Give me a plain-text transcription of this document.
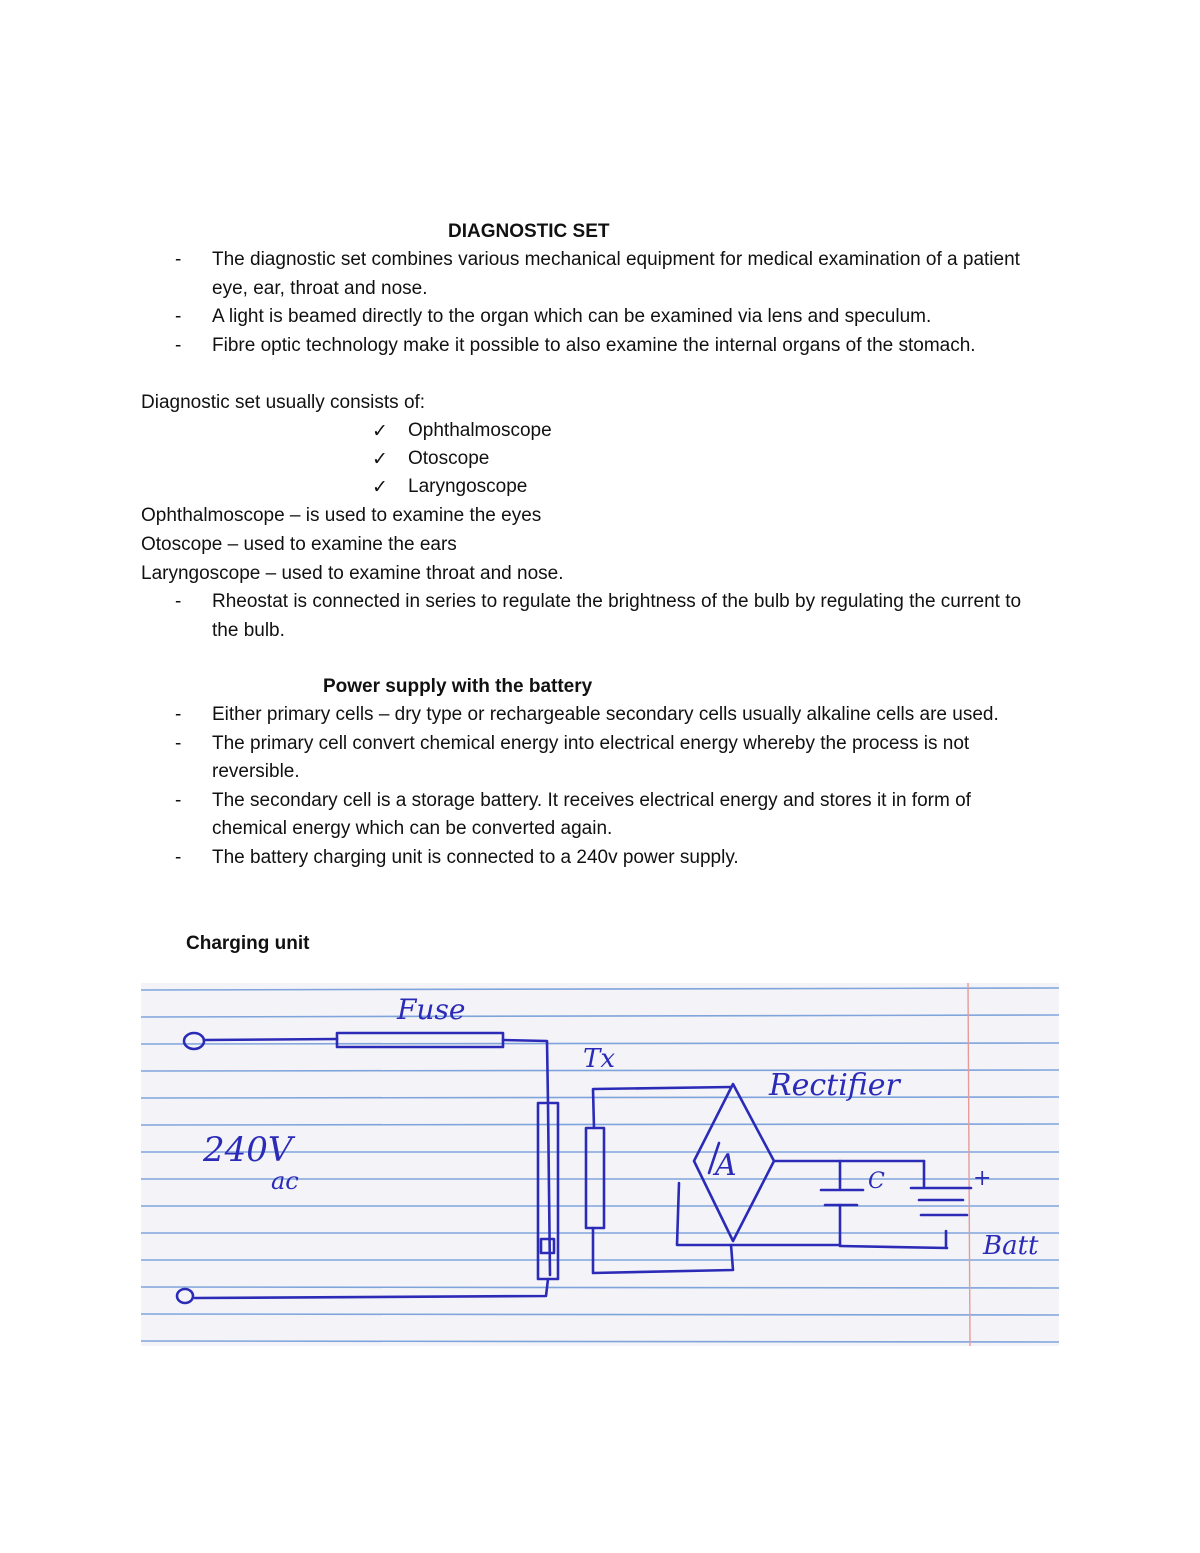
DIAGNOSTIC SET
- The diagnostic set combines various mechanical equipment for medical examination of a patient
eye, ear, throat and nose.
- A light is beamed directly to the organ which can be examined via lens and speculum.
- Fibre optic technology make it possible to also examine the internal organs of the stomach.
Diagnostic set usually consists of:
✓ Ophthalmoscope
✓ Otoscope
✓ Laryngoscope
Ophthalmoscope – is used to examine the eyes
Otoscope – used to examine the ears
Laryngoscope – used to examine throat and nose.
- Rheostat is connected in series to regulate the brightness of the bulb by regulating the current to
the bulb.
Power supply with the battery
- Either primary cells – dry type or rechargeable secondary cells usually alkaline cells are used.
- The primary cell convert chemical energy into electrical energy whereby the process is not
reversible.
- The secondary cell is a storage battery. It receives electrical energy and stores it in form of
chemical energy which can be converted again.
- The battery charging unit is connected to a 240v power supply.
Charging unit
Fuse
Tx
Rectifier
240V
ac	A	C	+
Batt
